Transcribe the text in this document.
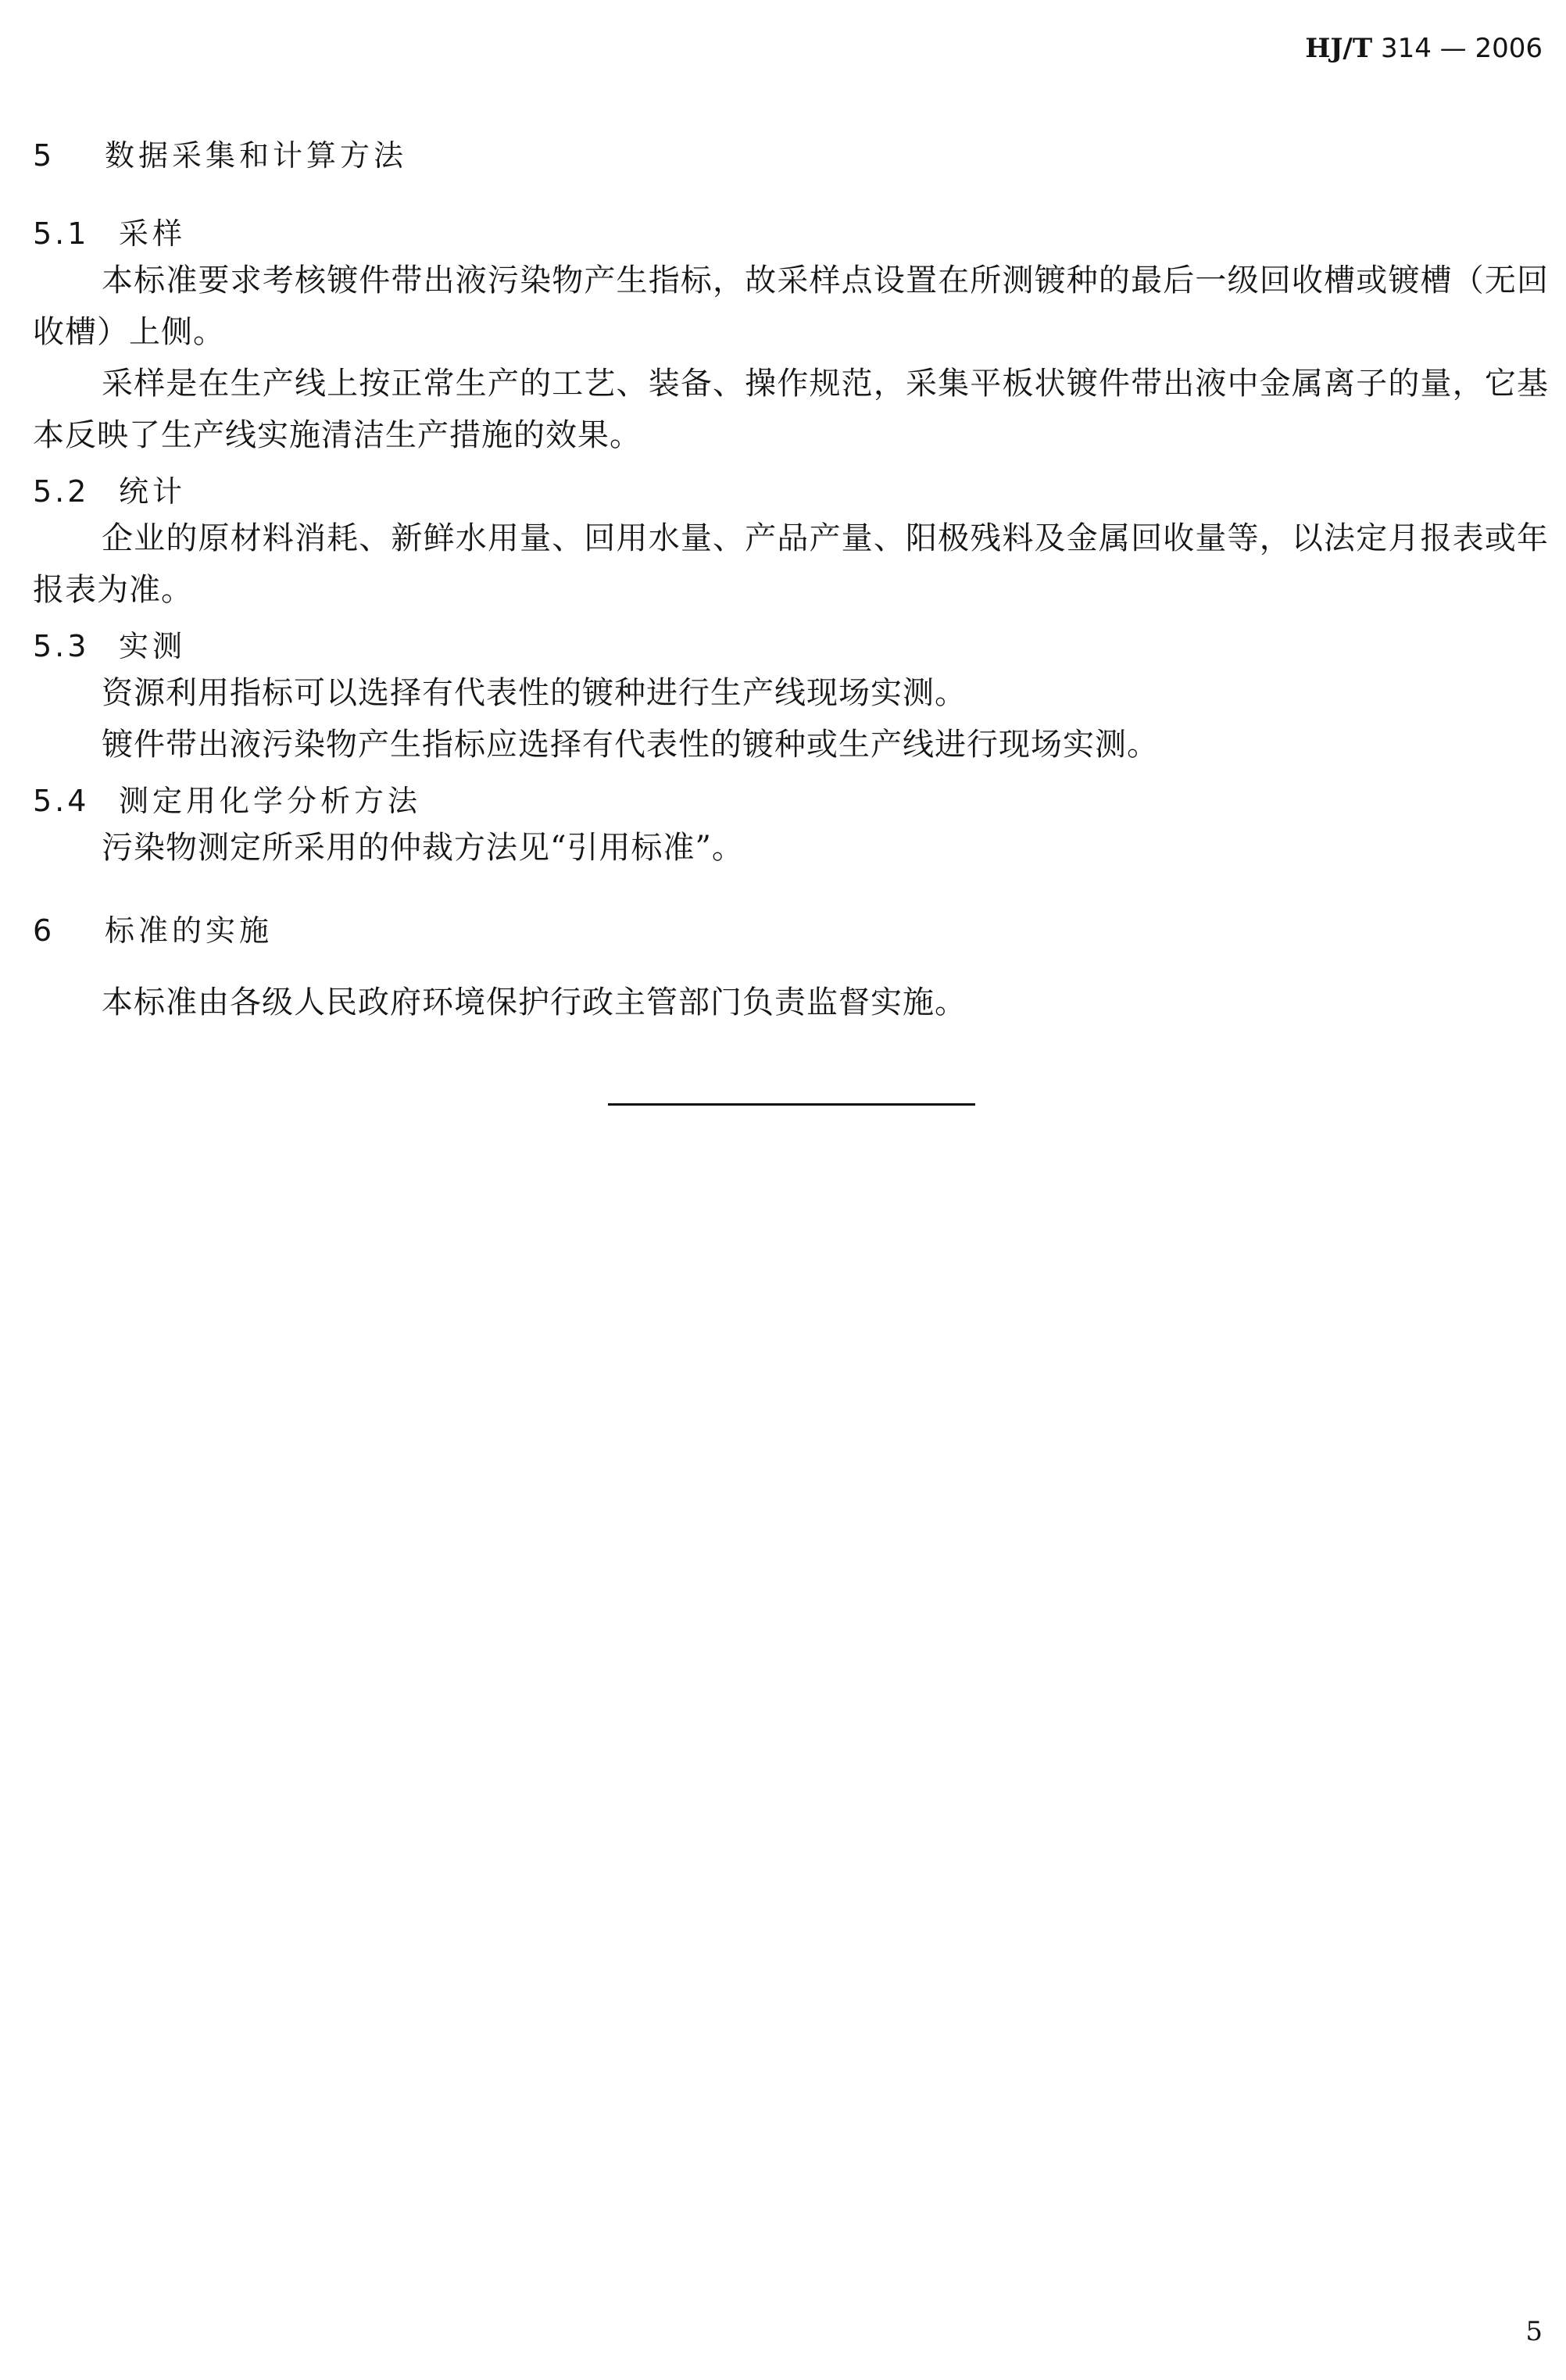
HJ/T 314 — 2006
5 数据采集和计算方法
5.1 采样
本标准要求考核镀件带出液污染物产生指标，故采样点设置在所测镀种的最后一级回收槽或镀槽（无回收槽）上侧。
采样是在生产线上按正常生产的工艺、装备、操作规范，采集平板状镀件带出液中金属离子的量，它基本反映了生产线实施清洁生产措施的效果。
5.2 统计
企业的原材料消耗、新鲜水用量、回用水量、产品产量、阳极残料及金属回收量等，以法定月报表或年报表为准。
5.3 实测
资源利用指标可以选择有代表性的镀种进行生产线现场实测。
镀件带出液污染物产生指标应选择有代表性的镀种或生产线进行现场实测。
5.4 测定用化学分析方法
污染物测定所采用的仲裁方法见“引用标准”。
6 标准的实施
本标准由各级人民政府环境保护行政主管部门负责监督实施。
5
